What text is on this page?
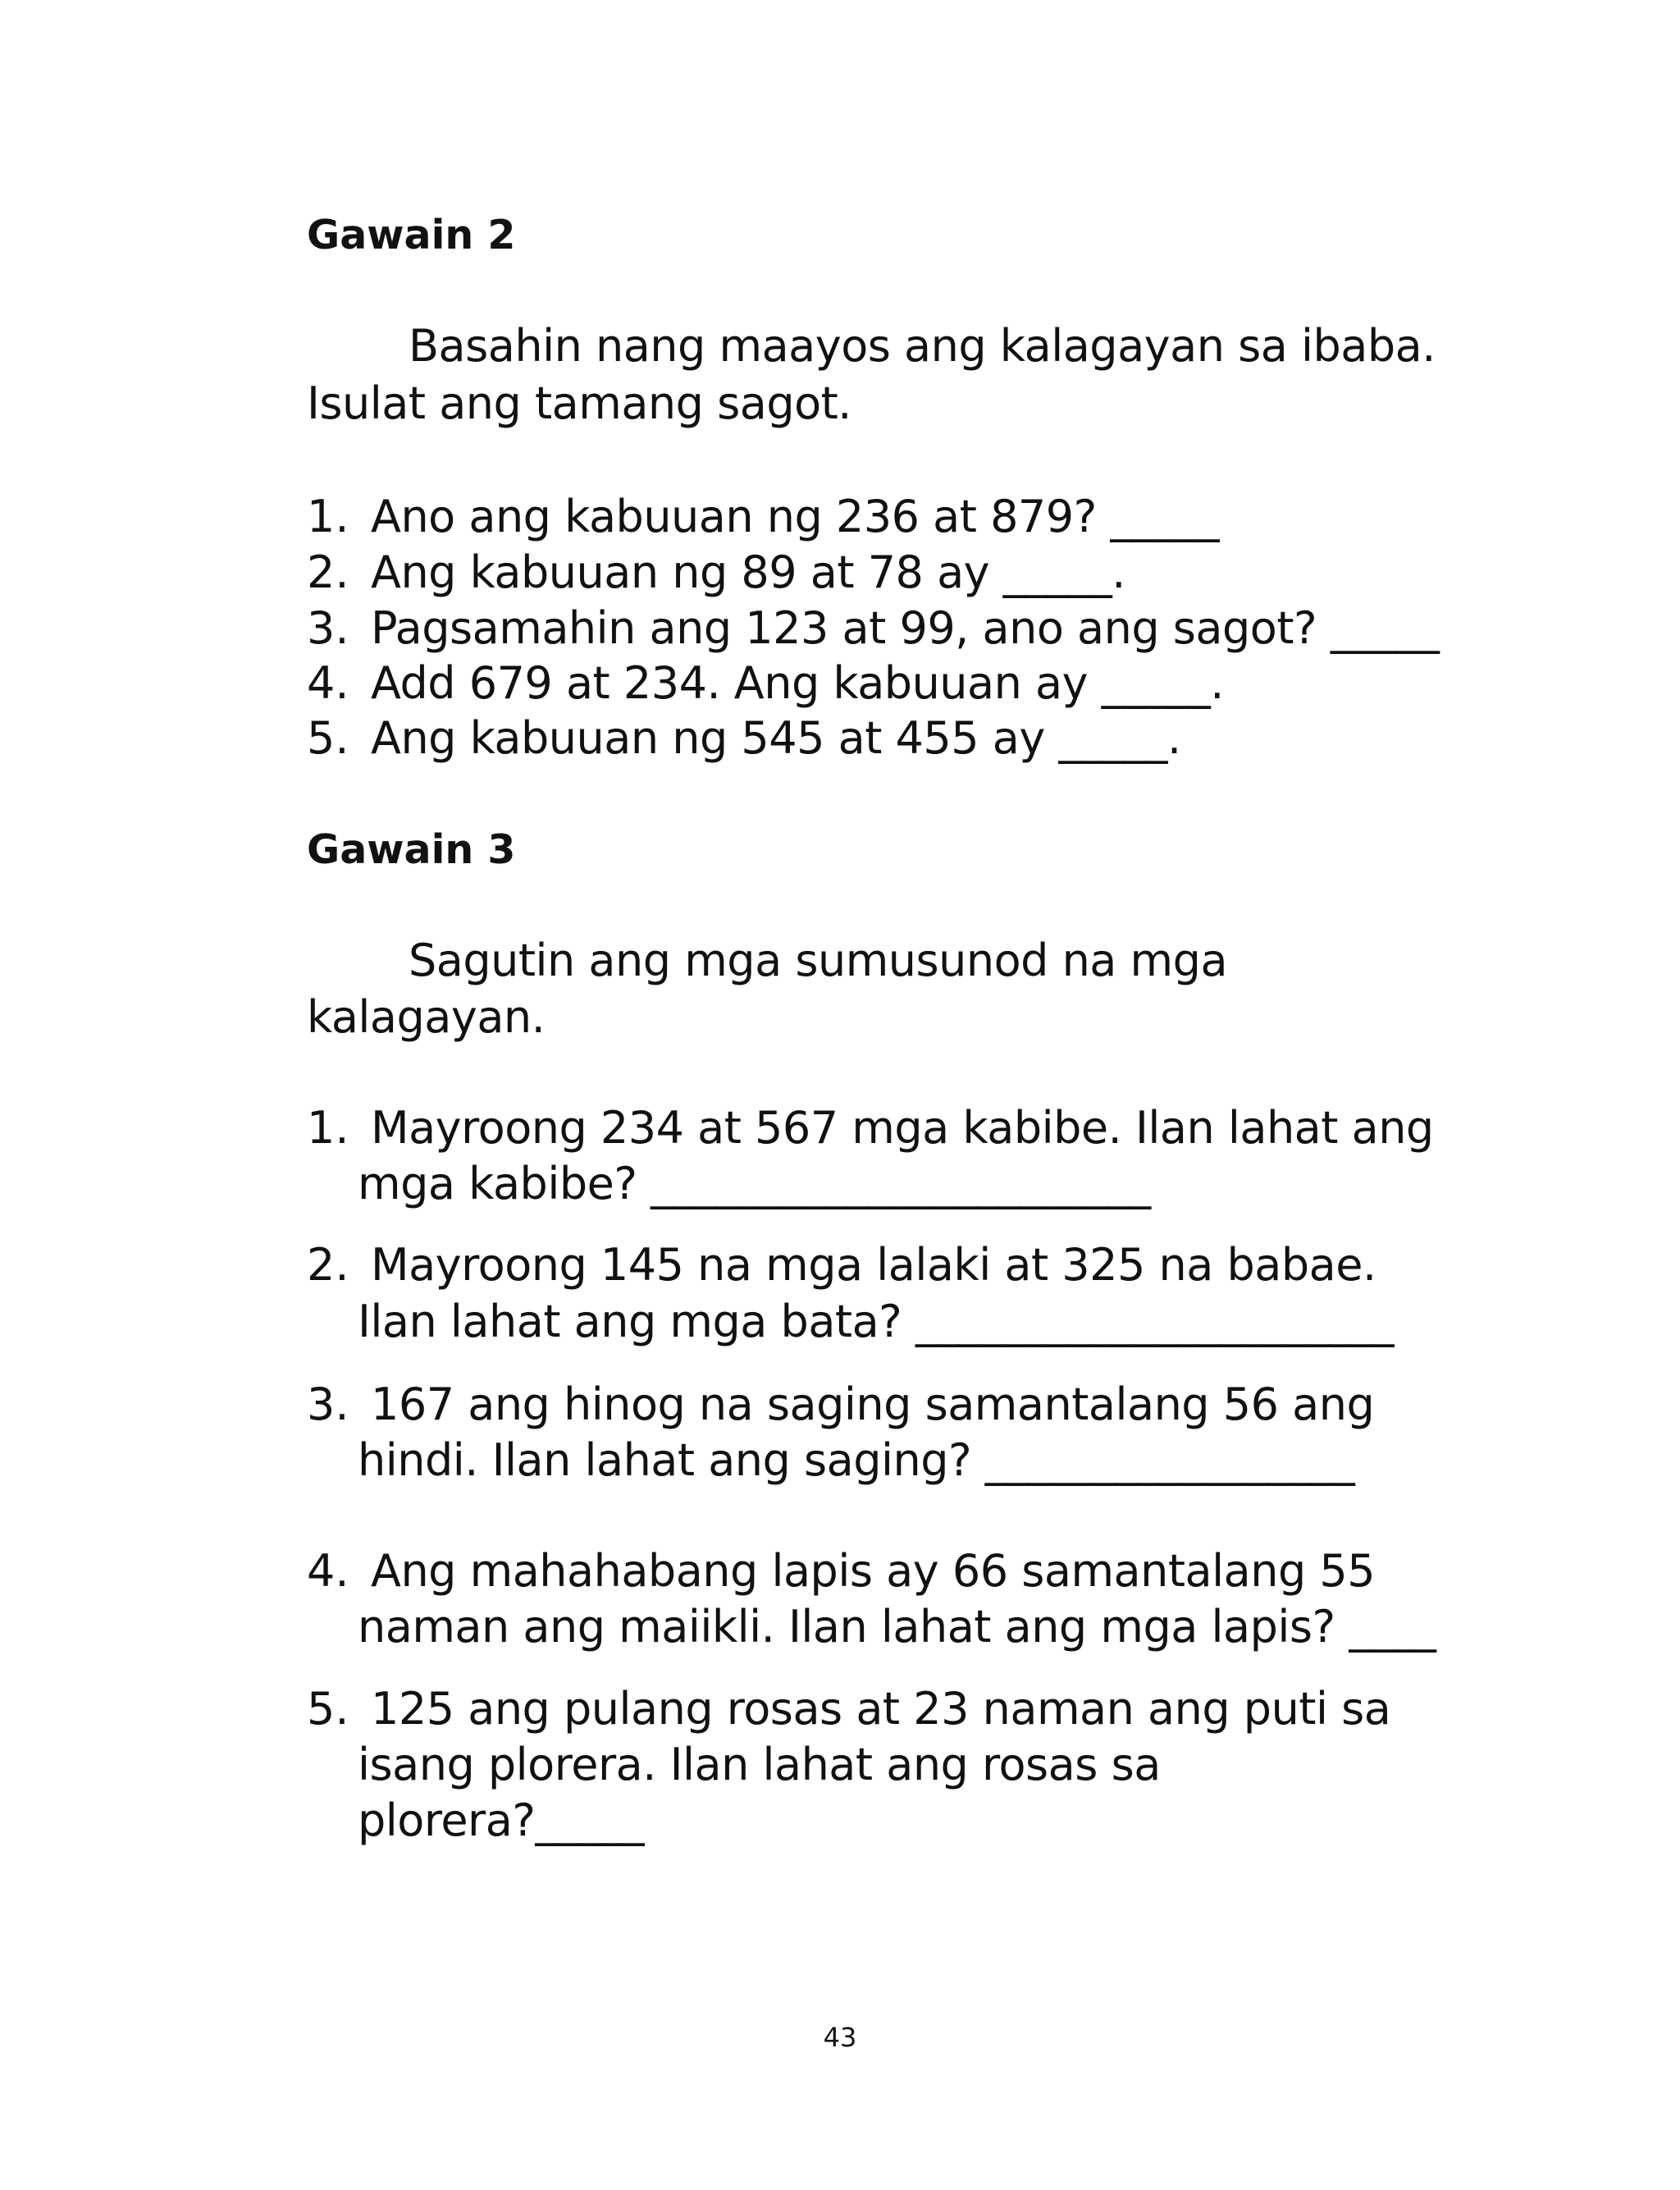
Gawain 2
Basahin nang maayos ang kalagayan sa ibaba.
Isulat ang tamang sagot.
1. Ano ang kabuuan ng 236 at 879? _____
2. Ang kabuuan ng 89 at 78 ay _____.
3. Pagsamahin ang 123 at 99, ano ang sagot? _____
4. Add 679 at 234. Ang kabuuan ay _____.
5. Ang kabuuan ng 545 at 455 ay _____.
Gawain 3
Sagutin ang mga sumusunod na mga
kalagayan.
1. Mayroong 234 at 567 mga kabibe. Ilan lahat ang
mga kabibe? _______________________
2. Mayroong 145 na mga lalaki at 325 na babae.
Ilan lahat ang mga bata? ______________________
3. 167 ang hinog na saging samantalang 56 ang
hindi. Ilan lahat ang saging? _________________
4. Ang mahahabang lapis ay 66 samantalang 55
naman ang maiikli. Ilan lahat ang mga lapis? ____
5. 125 ang pulang rosas at 23 naman ang puti sa
isang plorera. Ilan lahat ang rosas sa
plorera?_____
43
